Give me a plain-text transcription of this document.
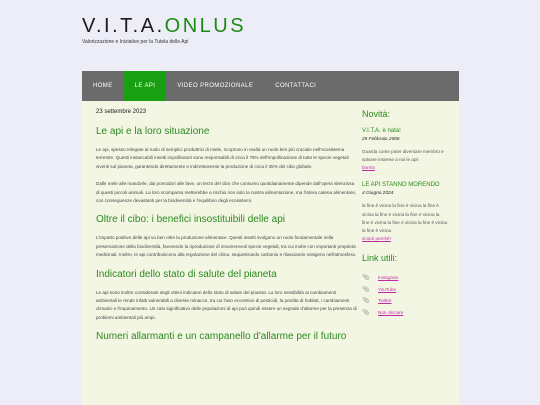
V.I.T.A.ONLUS
Valorizzazione e Iniziative per la Tutela delle Api
HOME	LE API	VIDEO PROMOZIONALE	CONTATTACI
23 settembre 2023
Le api e la loro situazione

Le api, spesso relegate al ruolo di semplici produttrici di miele, ricoprono in realtà un ruolo ben più cruciale nell'ecosistema terrestre. Questi instancabili insetti impollinatori sono responsabili di circa il 75% dell'impollinazione di tutte le specie vegetali viventi sul pianeta, garantendo direttamente e indirettamente la produzione di circa il 35% del cibo globale.

Dalle mele alle mandorle, dai pomodori alle fave, un terzo del cibo che consumo quotidianamente dipende dall'opera silenziosa di questi piccoli animali. La loro scomparsa metterebbe a rischio non solo la nostra alimentazione, ma l'intera catena alimentare, con conseguenze devastanti per la biodiversità e l'equilibrio degli ecosistemi.

Oltre il cibo: i benefici insostituibili delle api

L'impatto positivo delle api va ben oltre la produzione alimentare. Questi insetti svolgono un ruolo fondamentale nella preservazione della biodiversità, favorendo la riproduzione di innumerevoli specie vegetali, tra cui molte con importanti proprietà medicinali. Inoltre, le api contribuiscono alla regolazione del clima, sequestrando carbonio e rilasciando ossigeno nell'atmosfera.

Indicatori dello stato di salute del pianeta

Le api sono inoltre considerate degli ottimi indicatori dello stato di salute del pianeta. La loro sensibilità ai cambiamenti ambientali le rende infatti vulnerabili a diverse minacce, tra cui l'uso eccessivo di pesticidi, la perdita di habitat, i cambiamenti climatici e l'inquinamento. Un calo significativo delle popolazioni di api può quindi essere un segnale d'allarme per la presenza di problemi ambientali più ampi.

Numeri allarmanti e un campanello d'allarme per il futuro
Novità:
V.I.T.A. è nata!
25 Febbraio 2006
Guarda come poter diventare membro e salvare insieme a noi le api!
bornto
LE API STANNO MORENDO
4 Giugno 2024
la fine è vicina la fine è vicina la fine è vicina la fine è vicina la fine è vicina la fine è vicina la fine è vicina la fine è vicina la fine è vicina
scopri perché!
Link utili:
📎︎	Instagram
📎︎	YouTube
📎︎	Twitter
📎︎	Non cliccare
